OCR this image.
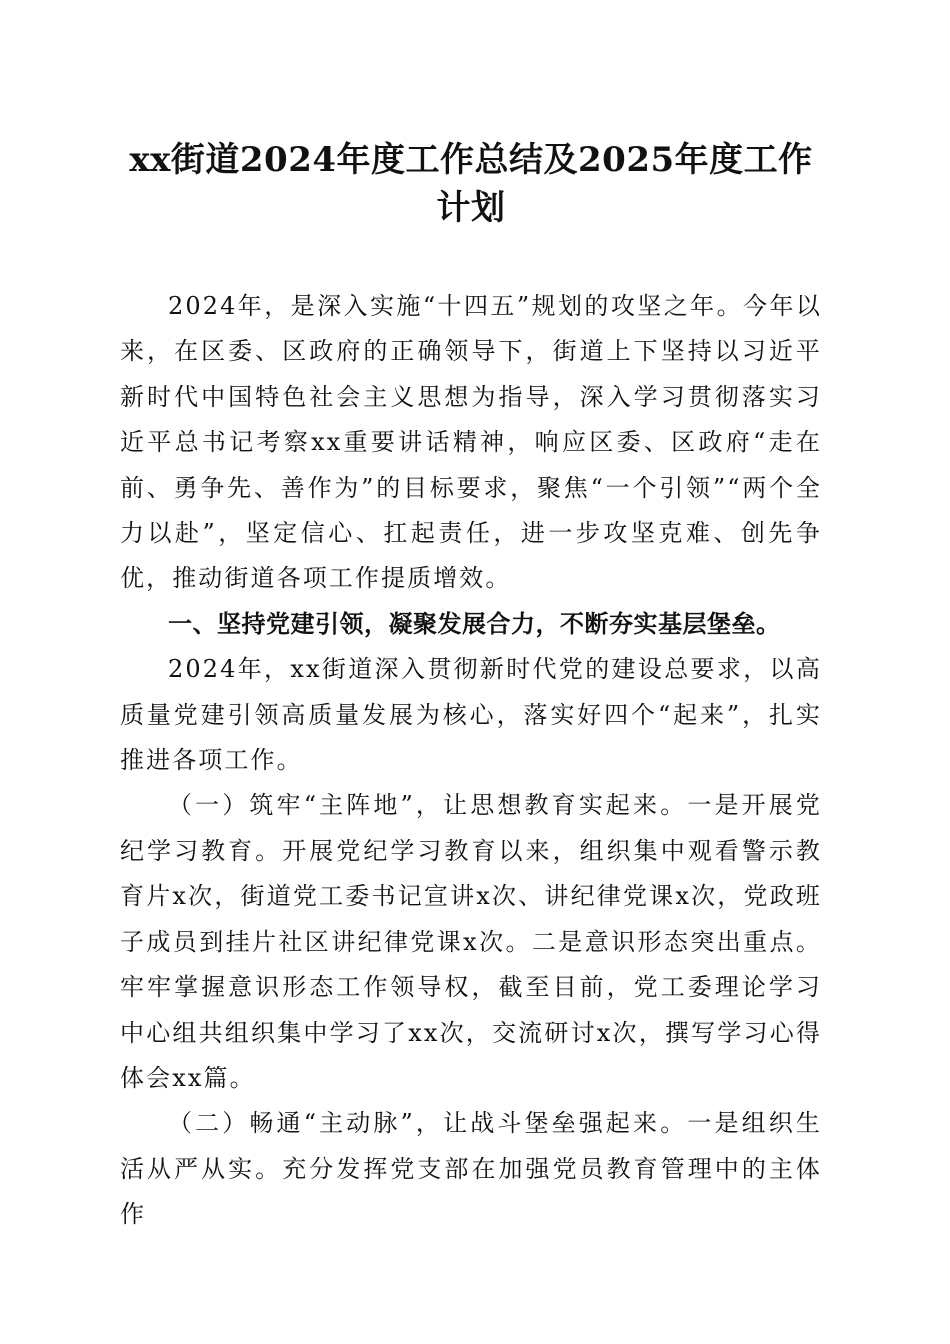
xx街道2024年度工作总结及2025年度工作计划

2024年，是深入实施“十四五”规划的攻坚之年。今年以来，在区委、区政府的正确领导下，街道上下坚持以习近平新时代中国特色社会主义思想为指导，深入学习贯彻落实习近平总书记考察xx重要讲话精神，响应区委、区政府“走在前、勇争先、善作为”的目标要求，聚焦“一个引领”“两个全力以赴”，坚定信心、扛起责任，进一步攻坚克难、创先争优，推动街道各项工作提质增效。

一、坚持党建引领，凝聚发展合力，不断夯实基层堡垒。

2024年，xx街道深入贯彻新时代党的建设总要求，以高质量党建引领高质量发展为核心，落实好四个“起来”，扎实推进各项工作。

（一）筑牢“主阵地”，让思想教育实起来。一是开展党纪学习教育。开展党纪学习教育以来，组织集中观看警示教育片x次，街道党工委书记宣讲x次、讲纪律党课x次，党政班子成员到挂片社区讲纪律党课x次。二是意识形态突出重点。牢牢掌握意识形态工作领导权，截至目前，党工委理论学习中心组共组织集中学习了xx次，交流研讨x次，撰写学习心得体会xx篇。

（二）畅通“主动脉”，让战斗堡垒强起来。一是组织生活从严从实。充分发挥党支部在加强党员教育管理中的主体作
